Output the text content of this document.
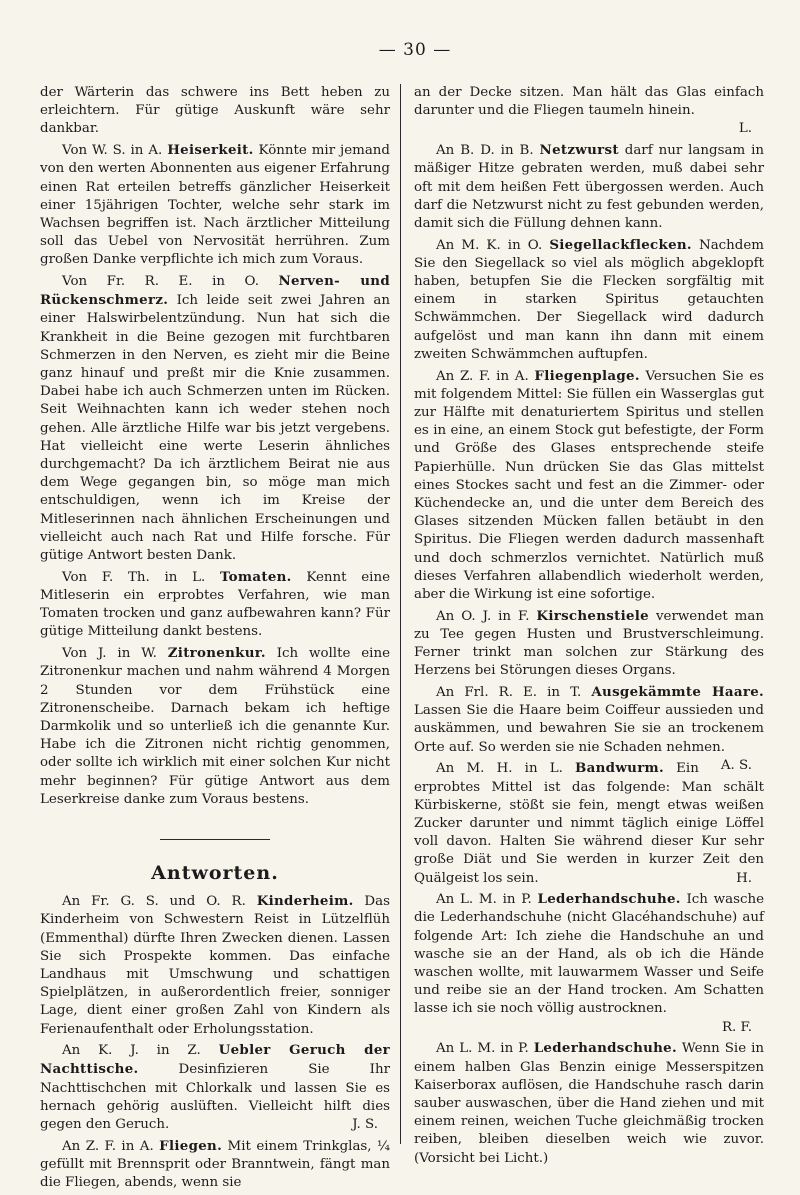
— 30 —

der Wärterin das schwere ins Bett heben zu erleichtern. Für gütige Auskunft wäre sehr dankbar.

Von W. S. in A. Heiserkeit. Könnte mir jemand von den werten Abonnenten aus eigener Erfahrung einen Rat erteilen betreffs gänzlicher Heiserkeit einer 15jährigen Tochter, welche sehr stark im Wachsen begriffen ist. Nach ärztlicher Mitteilung soll das Uebel von Nervosität herrühren. Zum großen Danke verpflichte ich mich zum Voraus.

Von Fr. R. E. in O. Nerven- und Rückenschmerz. Ich leide seit zwei Jahren an einer Halswirbelentzündung. Nun hat sich die Krankheit in die Beine gezogen mit furchtbaren Schmerzen in den Nerven, es zieht mir die Beine ganz hinauf und preßt mir die Knie zusammen. Dabei habe ich auch Schmerzen unten im Rücken. Seit Weihnachten kann ich weder stehen noch gehen. Alle ärztliche Hilfe war bis jetzt vergebens. Hat vielleicht eine werte Leserin ähnliches durchgemacht? Da ich ärztlichem Beirat nie aus dem Wege gegangen bin, so möge man mich entschuldigen, wenn ich im Kreise der Mitleserinnen nach ähnlichen Erscheinungen und vielleicht auch nach Rat und Hilfe forsche. Für gütige Antwort besten Dank.

Von F. Th. in L. Tomaten. Kennt eine Mitleserin ein erprobtes Verfahren, wie man Tomaten trocken und ganz aufbewahren kann? Für gütige Mitteilung dankt bestens.

Von J. in W. Zitronenkur. Ich wollte eine Zitronenkur machen und nahm während 4 Morgen 2 Stunden vor dem Frühstück eine Zitronenscheibe. Darnach bekam ich heftige Darmkolik und so unterließ ich die genannte Kur. Habe ich die Zitronen nicht richtig genommen, oder sollte ich wirklich mit einer solchen Kur nicht mehr beginnen? Für gütige Antwort aus dem Leserkreise danke zum Voraus bestens.

Antworten.

An Fr. G. S. und O. R. Kinderheim. Das Kinderheim von Schwestern Reist in Lützelflüh (Emmenthal) dürfte Ihren Zwecken dienen. Lassen Sie sich Prospekte kommen. Das einfache Landhaus mit Umschwung und schattigen Spielplätzen, in außerordentlich freier, sonniger Lage, dient einer großen Zahl von Kindern als Ferienaufenthalt oder Erholungsstation.

An K. J. in Z. Uebler Geruch der Nachttische. Desinfizieren Sie Ihr Nachttischchen mit Chlorkalk und lassen Sie es hernach gehörig auslüften. Vielleicht hilft dies gegen den Geruch.	J. S.

An Z. F. in A. Fliegen. Mit einem Trinkglas, ¼ gefüllt mit Brennsprit oder Branntwein, fängt man die Fliegen, abends, wenn sie

an der Decke sitzen. Man hält das Glas einfach darunter und die Fliegen taumeln hinein.
L.

An B. D. in B. Netzwurst darf nur langsam in mäßiger Hitze gebraten werden, muß dabei sehr oft mit dem heißen Fett übergossen werden. Auch darf die Netzwurst nicht zu fest gebunden werden, damit sich die Füllung dehnen kann.

An M. K. in O. Siegellackflecken. Nachdem Sie den Siegellack so viel als möglich abgeklopft haben, betupfen Sie die Flecken sorgfältig mit einem in starken Spiritus getauchten Schwämmchen. Der Siegellack wird dadurch aufgelöst und man kann ihn dann mit einem zweiten Schwämmchen auftupfen.

An Z. F. in A. Fliegenplage. Versuchen Sie es mit folgendem Mittel: Sie füllen ein Wasserglas gut zur Hälfte mit denaturiertem Spiritus und stellen es in eine, an einem Stock gut befestigte, der Form und Größe des Glases entsprechende steife Papierhülle. Nun drücken Sie das Glas mittelst eines Stockes sacht und fest an die Zimmer- oder Küchendecke an, und die unter dem Bereich des Glases sitzenden Mücken fallen betäubt in den Spiritus. Die Fliegen werden dadurch massenhaft und doch schmerzlos vernichtet. Natürlich muß dieses Verfahren allabendlich wiederholt werden, aber die Wirkung ist eine sofortige.

An O. J. in F. Kirschenstiele verwendet man zu Tee gegen Husten und Brustverschleimung. Ferner trinkt man solchen zur Stärkung des Herzens bei Störungen dieses Organs.

An Frl. R. E. in T. Ausgekämmte Haare. Lassen Sie die Haare beim Coiffeur aussieden und auskämmen, und bewahren Sie sie an trockenem Orte auf. So werden sie nie Schaden nehmen.
A. S.

An M. H. in L. Bandwurm. Ein erprobtes Mittel ist das folgende: Man schält Kürbiskerne, stößt sie fein, mengt etwas weißen Zucker darunter und nimmt täglich einige Löffel voll davon. Halten Sie während dieser Kur sehr große Diät und Sie werden in kurzer Zeit den Quälgeist los sein.	H.

An L. M. in P. Lederhandschuhe. Ich wasche die Lederhandschuhe (nicht Glacéhandschuhe) auf folgende Art: Ich ziehe die Handschuhe an und wasche sie an der Hand, als ob ich die Hände waschen wollte, mit lauwarmem Wasser und Seife und reibe sie an der Hand trocken. Am Schatten lasse ich sie noch völlig austrocknen.
R. F.

An L. M. in P. Lederhandschuhe. Wenn Sie in einem halben Glas Benzin einige Messerspitzen Kaiserborax auflösen, die Handschuhe rasch darin sauber auswaschen, über die Hand ziehen und mit einem reinen, weichen Tuche gleichmäßig trocken reiben, bleiben dieselben weich wie zuvor. (Vorsicht bei Licht.)
